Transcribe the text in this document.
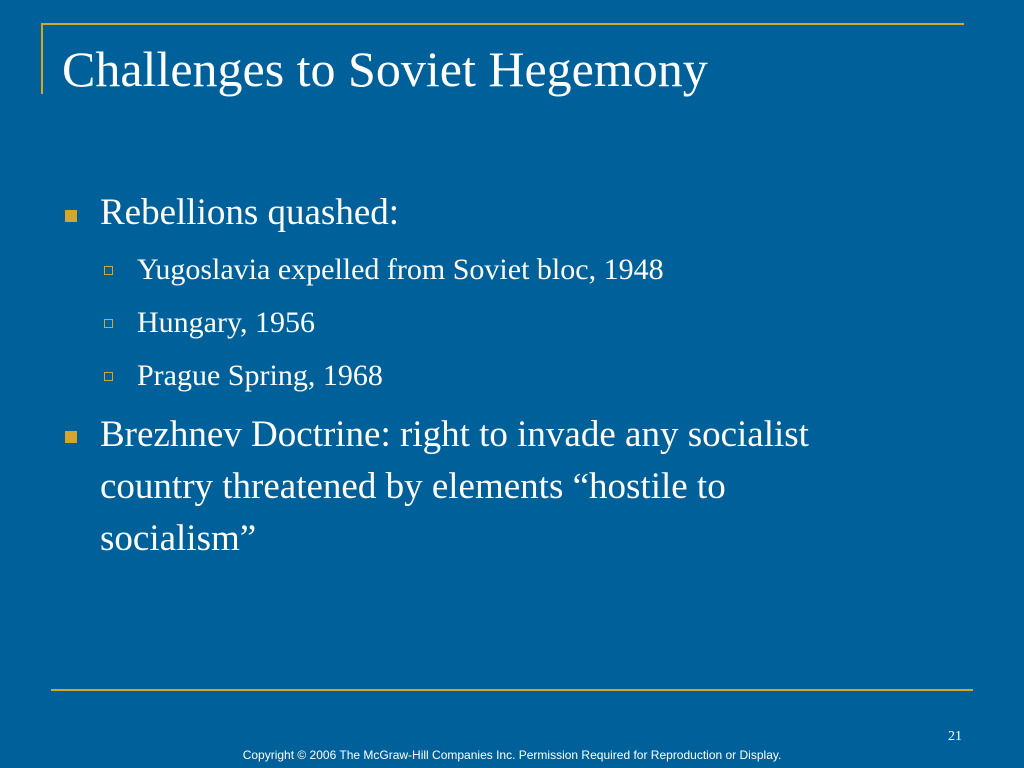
Challenges to Soviet Hegemony
Rebellions quashed:
Yugoslavia expelled from Soviet bloc, 1948
Hungary, 1956
Prague Spring, 1968
Brezhnev Doctrine: right to invade any socialist
country threatened by elements “hostile to
socialism”
21
Copyright © 2006 The McGraw-Hill Companies Inc. Permission Required for Reproduction or Display.
